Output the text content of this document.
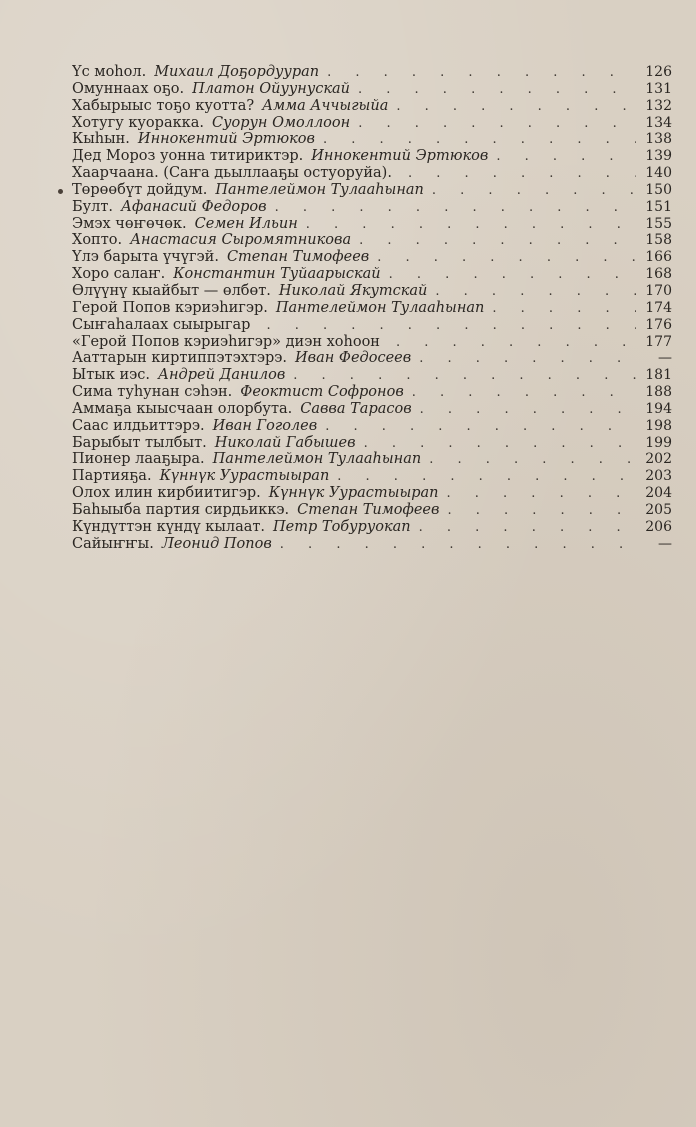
Үс моһол. Михаил Доҕордуурап . . .	126
Омуннаах оҕо. Платон Ойуунускай . . .	131
Хабырыыс тоҕо куотта? Амма Аччыгыйа . . .	132
Хотугу куоракка. Суорун Омоллоон . . .	134
Кыһын. Иннокентий Эртюков . . .	138
Дед Мороз уонна титириктэр. Иннокентий Эртюков . . .	139
Хаарчаана. (Саҥа дьыллааҕы остуоруйа). . . .	140
Төрөөбүт дойдум. Пантелеймон Тулааһынап . . .	150
Булт. Афанасий Федоров . . .	151
Эмэх чөҥөчөк. Семен Ильин . . .	155
Хопто. Анастасия Сыромятникова . . .	158
Үлэ барыта үчүгэй. Степан Тимофеев . . .	166
Хоро салаҥ. Константин Туйаарыскай . . .	168
Өлүүнү кыайбыт — өлбөт. Николай Якутскай . . .	170
Герой Попов кэриэһигэр. Пантелеймон Тулааһынап . . .	174
Сыҥаһалаах сыырыгар . . .	176
«Герой Попов кэриэһигэр» диэн хоһоон . . .	177
Ааттарын киртиппэтэхтэрэ. Иван Федосеев . . .	—
Ытык иэс. Андрей Данилов . . .	181
Сима туһунан сэһэн. Феоктист Софронов . . .	188
Аммаҕа кыысчаан олорбута. Савва Тарасов . . .	194
Саас илдьиттэрэ. Иван Гоголев . . .	198
Барыбыт тылбыт. Николай Габышев . . .	199
Пионер лааҕыра. Пантелеймон Тулааһынап . . .	202
Партияҕа. Күннүк Уурастыырап . . .	203
Олох илин кирбиитигэр. Күннүк Уурастыырап . . .	204
Баһыыба партия сирдьиккэ. Степан Тимофеев . . .	205
Күндүттэн күндү кылаат. Петр Тобуруокап . . .	206
Сайыҥҥы. Леонид Попов . . .	—
